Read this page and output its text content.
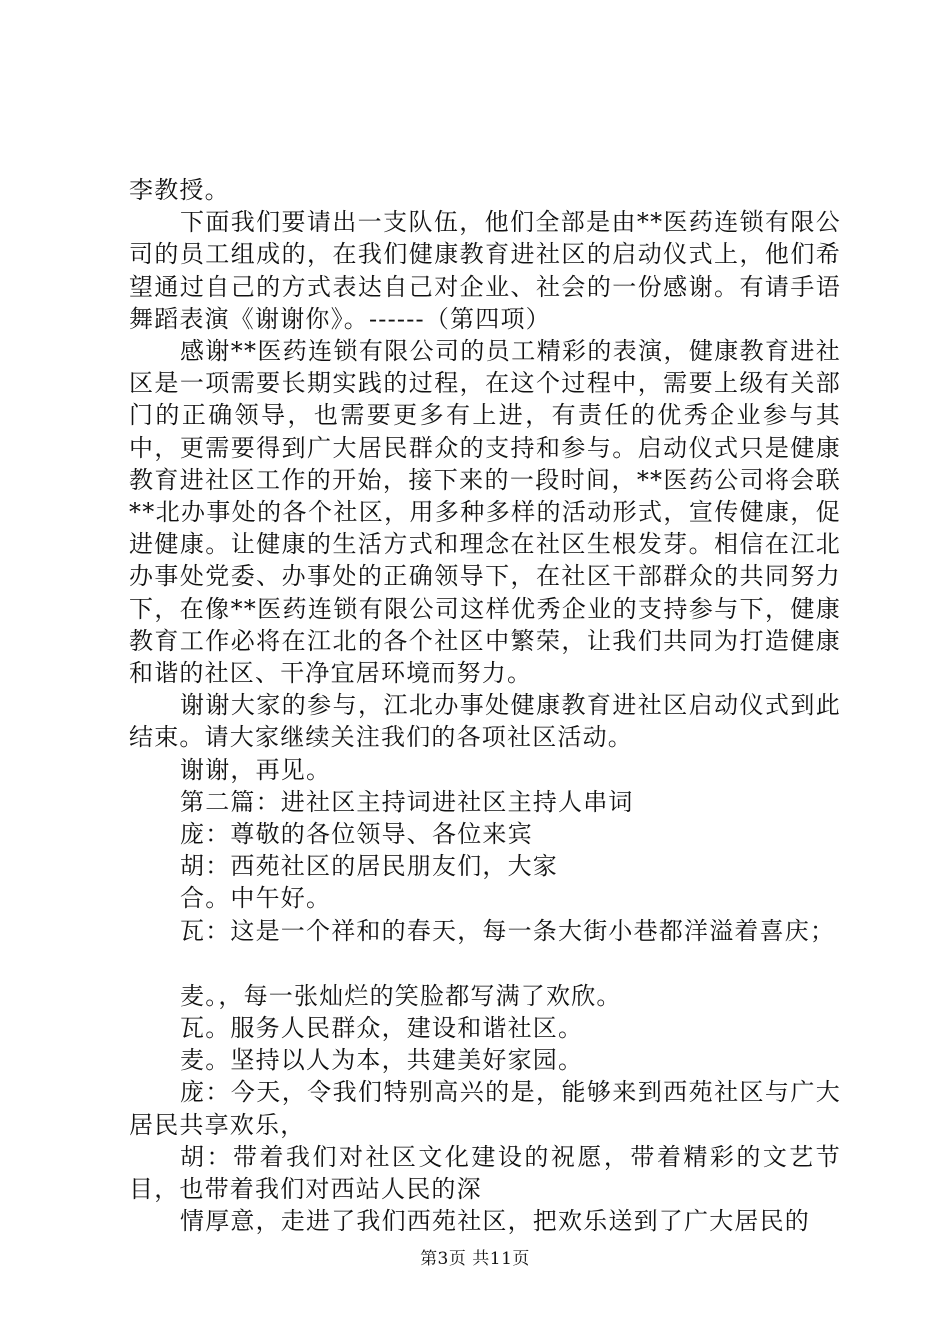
李教授。

下面我们要请出一支队伍，他们全部是由**医药连锁有限公司的员工组成的，在我们健康教育进社区的启动仪式上，他们希望通过自己的方式表达自己对企业、社会的一份感谢。有请手语舞蹈表演《谢谢你》。------（第四项）

感谢**医药连锁有限公司的员工精彩的表演，健康教育进社区是一项需要长期实践的过程，在这个过程中，需要上级有关部门的正确领导，也需要更多有上进，有责任的优秀企业参与其中，更需要得到广大居民群众的支持和参与。启动仪式只是健康教育进社区工作的开始，接下来的一段时间，**医药公司将会联**北办事处的各个社区，用多种多样的活动形式，宣传健康，促进健康。让健康的生活方式和理念在社区生根发芽。相信在江北办事处党委、办事处的正确领导下，在社区干部群众的共同努力下，在像**医药连锁有限公司这样优秀企业的支持参与下，健康教育工作必将在江北的各个社区中繁荣，让我们共同为打造健康和谐的社区、干净宜居环境而努力。

谢谢大家的参与，江北办事处健康教育进社区启动仪式到此结束。请大家继续关注我们的各项社区活动。

谢谢，再见。

第二篇：进社区主持词进社区主持人串词

庞：尊敬的各位领导、各位来宾

胡：西苑社区的居民朋友们，大家

合。中午好。

瓦：这是一个祥和的春天，每一条大街小巷都洋溢着喜庆；

麦。，每一张灿烂的笑脸都写满了欢欣。

瓦。服务人民群众，建设和谐社区。

麦。坚持以人为本，共建美好家园。

庞：今天，令我们特别高兴的是，能够来到西苑社区与广大居民共享欢乐，

胡：带着我们对社区文化建设的祝愿，带着精彩的文艺节目，也带着我们对西站人民的深

情厚意，走进了我们西苑社区，把欢乐送到了广大居民的

第3页 共11页
